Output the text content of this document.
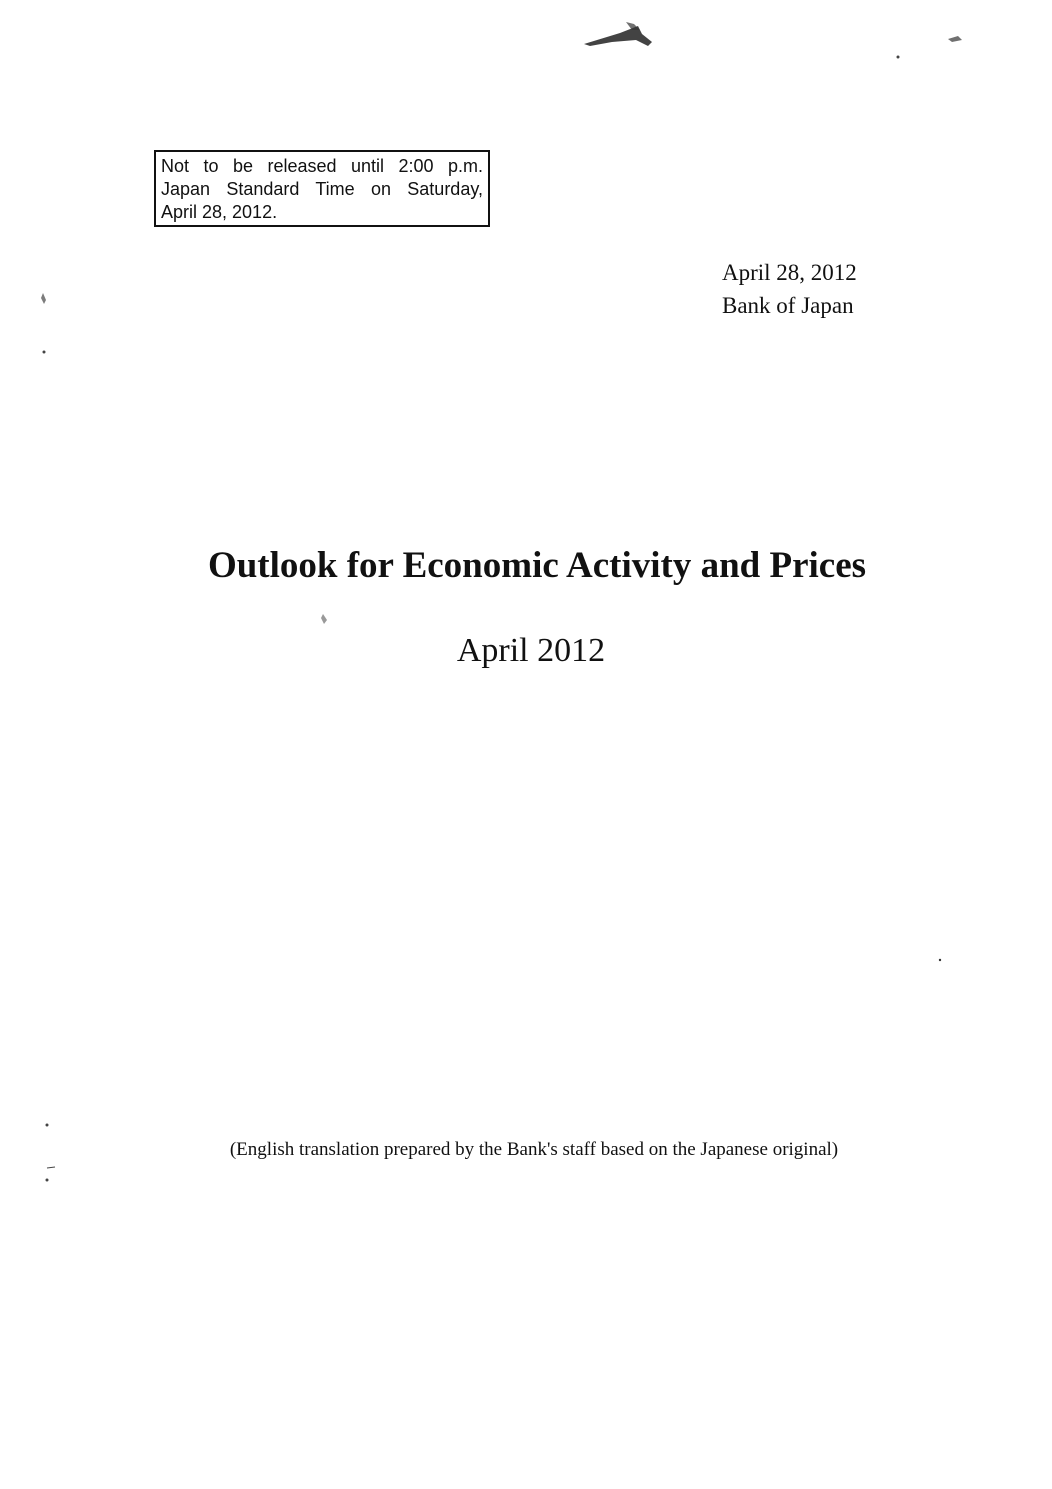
Not to be released until 2:00 p.m.
Japan Standard Time on Saturday,
April 28, 2012.
April 28, 2012
Bank of Japan
Outlook for Economic Activity and Prices
April 2012
(English translation prepared by the Bank's staff based on the Japanese original)
